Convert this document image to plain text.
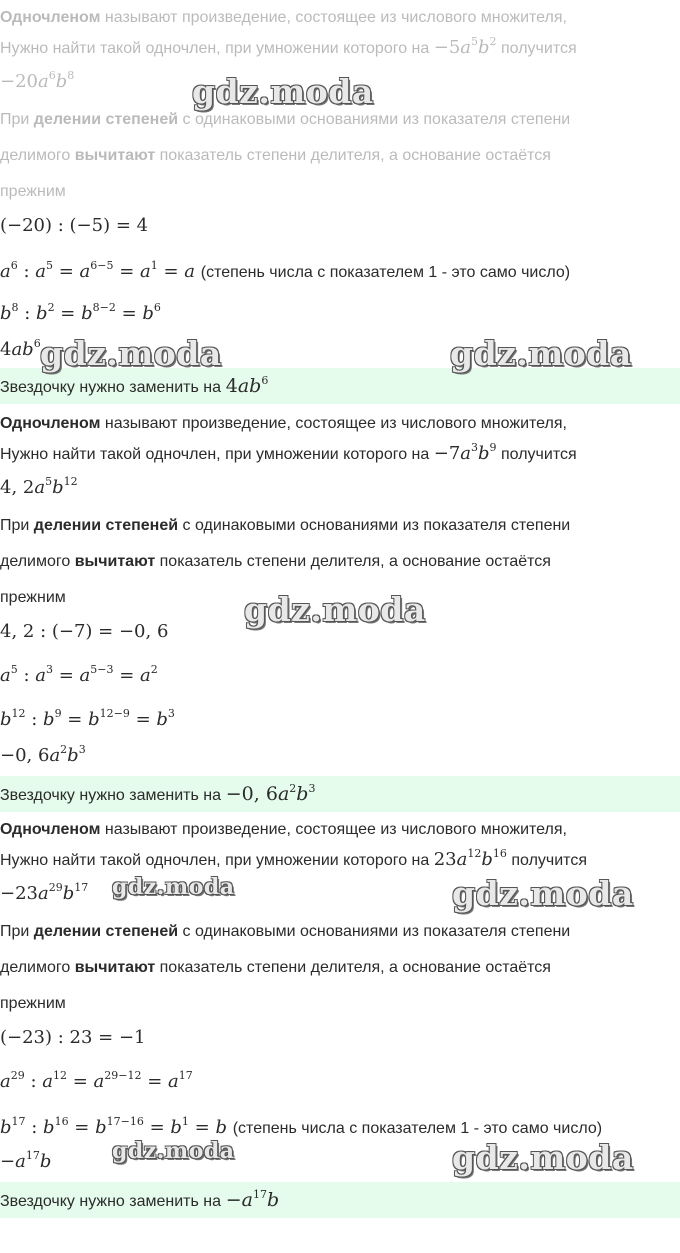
Одночленом называют произведение, состоящее из числового множителя,
Нужно найти такой одночлен, при умножении которого на $-5a^5b^2$ получится
$-20a^6b^8$
При делении степеней с одинаковыми основаниями из показателя степени
делимого вычитают показатель степени делителя, а основание остаётся
прежним
(−20) : (−5) = 4
$a^6$ : $a^5 = a^{6-5} = a^1 = a$ (степень числа с показателем 1 - это само число)
$b^8$ : $b^2 = b^{8-2} = b^6$
$4ab^6$
Звездочку нужно заменить на $4ab^6$
Одночленом называют произведение, состоящее из числового множителя,
Нужно найти такой одночлен, при умножении которого на $-7a^3b^9$ получится
4, $2a^5b^{12}$
При делении степеней с одинаковыми основаниями из показателя степени
делимого вычитают показатель степени делителя, а основание остаётся
прежним
4, 2 : (−7) = −0, 6
$a^5$ : $a^3 = a^{5-3} = a^2$
$b^{12}$ : $b^9 = b^{12-9} = b^3$
−0, $6a^2b^3$
Звездочку нужно заменить на −0, $6a^2b^3$
Одночленом называют произведение, состоящее из числового множителя,
Нужно найти такой одночлен, при умножении которого на $23a^{12}b^{16}$ получится
$-23a^{29}b^{17}$
При делении степеней с одинаковыми основаниями из показателя степени
делимого вычитают показатель степени делителя, а основание остаётся
прежним
(−23) : 23 = −1
$a^{29}$ : $a^{12} = a^{29-12} = a^{17}$
$b^{17}$ : $b^{16} = b^{17-16} = b^1 = b$ (степень числа с показателем 1 - это само число)
$-a^{17}b$
Звездочку нужно заменить на $-a^{17}b$
gdz.moda
gdz.moda	gdz.moda
gdz.moda
gdz.moda	gdz.moda
gdz.moda	gdz.moda
